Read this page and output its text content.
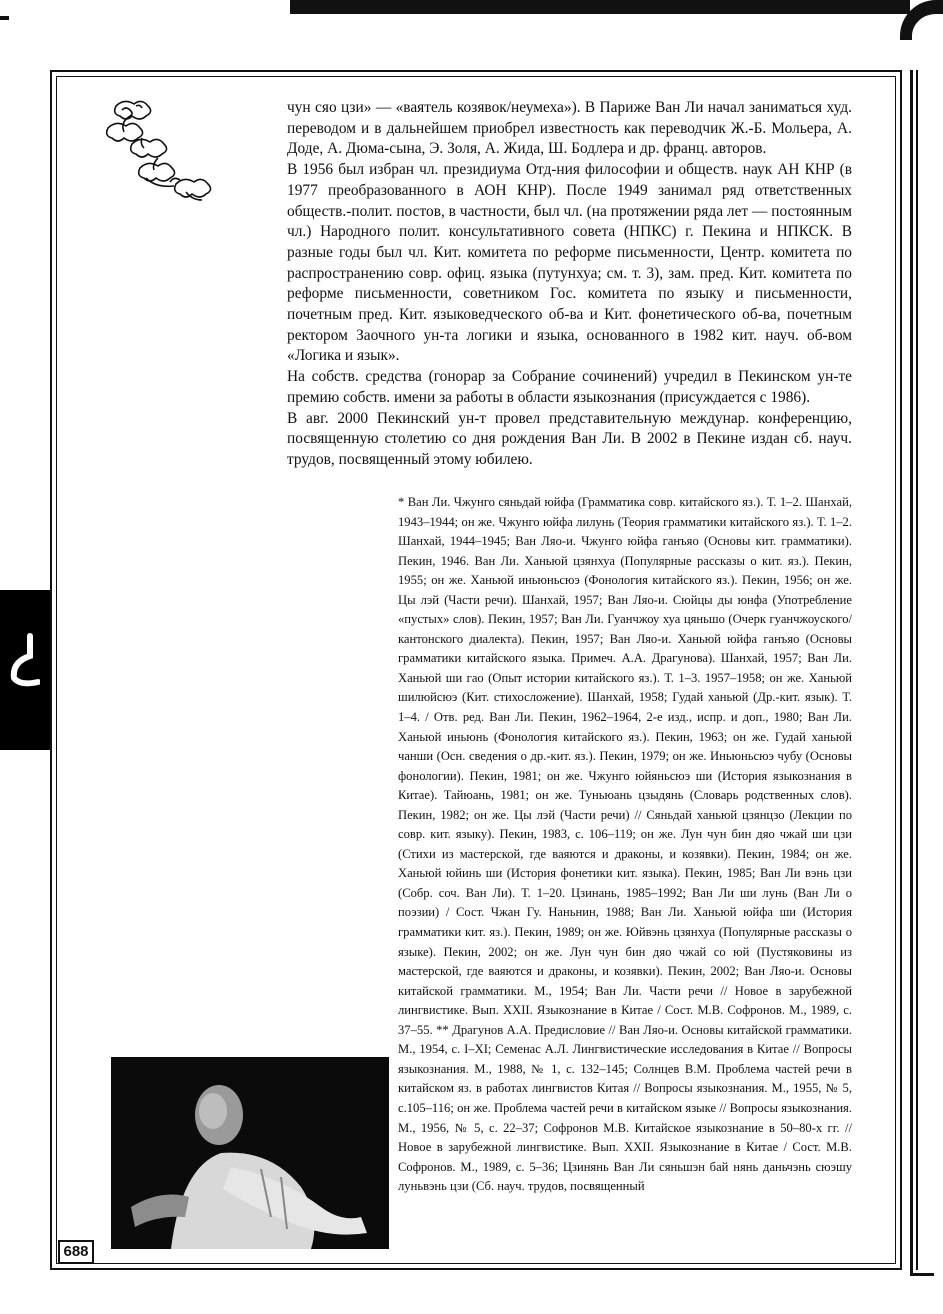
чун сяо цзи» — «ваятель козявок/неумеха»). В Париже Ван Ли начал заниматься худ. переводом и в дальнейшем приобрел известность как переводчик Ж.-Б. Мольера, А. Доде, А. Дюма-сына, Э. Золя, А. Жида, Ш. Бодлера и др. франц. авторов.

В 1956 был избран чл. президиума Отд-ния философии и обществ. наук АН КНР (в 1977 преобразованного в АОН КНР). После 1949 занимал ряд ответственных обществ.-полит. постов, в частности, был чл. (на протяжении ряда лет — постоянным чл.) Народного полит. консультативного совета (НПКС) г. Пекина и НПКСК. В разные годы был чл. Кит. комитета по реформе письменности, Центр. комитета по распространению совр. офиц. языка (путунхуа; см. т. 3), зам. пред. Кит. комитета по реформе письменности, советником Гос. комитета по языку и письменности, почетным пред. Кит. языковедческого об-ва и Кит. фонетического об-ва, почетным ректором Заочного ун-та логики и языка, основанного в 1982 кит. науч. об-вом «Логика и язык».

На собств. средства (гонорар за Собрание сочинений) учредил в Пекинском ун-те премию собств. имени за работы в области языкознания (присуждается с 1986).

В авг. 2000 Пекинский ун-т провел представительную междунар. конференцию, посвященную столетию со дня рождения Ван Ли. В 2002 в Пекине издан сб. науч. трудов, посвященный этому юбилею.

* Ван Ли. Чжунго сяньдай юйфа (Грамматика совр. китайского яз.). Т. 1–2. Шанхай, 1943–1944; он же. Чжунго юйфа лилунь (Теория грамматики китайского яз.). Т. 1–2. Шанхай, 1944–1945; Ван Ляо-и. Чжунго юйфа ганъяо (Основы кит. грамматики). Пекин, 1946. Ван Ли. Ханьюй цзянхуа (Популярные рассказы о кит. яз.). Пекин, 1955; он же. Ханьюй иньюньсюэ (Фонология китайского яз.). Пекин, 1956; он же. Цы лэй (Части речи). Шанхай, 1957; Ван Ляо-и. Сюйцы ды юнфа (Употребление «пустых» слов). Пекин, 1957; Ван Ли. Гуанчжоу хуа цяньшо (Очерк гуанчжоуского/кантонского диалекта). Пекин, 1957; Ван Ляо-и. Ханьюй юйфа ганъяо (Основы грамматики китайского языка. Примеч. А.А. Драгунова). Шанхай, 1957; Ван Ли. Ханьюй ши гао (Опыт истории китайского яз.). Т. 1–3. 1957–1958; он же. Ханьюй шилюйсюэ (Кит. стихосложение). Шанхай, 1958; Гудай ханьюй (Др.-кит. язык). Т. 1–4. / Отв. ред. Ван Ли. Пекин, 1962–1964, 2-е изд., испр. и доп., 1980; Ван Ли. Ханьюй иньюнь (Фонология китайского яз.). Пекин, 1963; он же. Гудай ханьюй чанши (Осн. сведения о др.-кит. яз.). Пекин, 1979; он же. Иньюньсюэ чубу (Основы фонологии). Пекин, 1981; он же. Чжунго юйяньсюэ ши (История языкознания в Китае). Тайюань, 1981; он же. Туньюань цзыдянь (Словарь родственных слов). Пекин, 1982; он же. Цы лэй (Части речи) // Сяньдай ханьюй цзянцзо (Лекции по совр. кит. языку). Пекин, 1983, с. 106–119; он же. Лун чун бин дяо чжай ши цзи (Стихи из мастерской, где ваяются и драконы, и козявки). Пекин, 1984; он же. Ханьюй юйинь ши (История фонетики кит. языка). Пекин, 1985; Ван Ли вэнь цзи (Собр. соч. Ван Ли). Т. 1–20. Цзинань, 1985–1992; Ван Ли ши лунь (Ван Ли о поэзии) / Сост. Чжан Гу. Наньнин, 1988; Ван Ли. Ханьюй юйфа ши (История грамматики кит. яз.). Пекин, 1989; он же. Юйвэнь цзянхуа (Популярные рассказы о языке). Пекин, 2002; он же. Лун чун бин дяо чжай со юй (Пустяковины из мастерской, где ваяются и драконы, и козявки). Пекин, 2002; Ван Ляо-и. Основы китайской грамматики. М., 1954; Ван Ли. Части речи // Новое в зарубежной лингвистике. Вып. XXII. Языкознание в Китае / Сост. М.В. Софронов. М., 1989, с. 37–55. ** Драгунов А.А. Предисловие // Ван Ляо-и. Основы китайской грамматики. М., 1954, с. I–XI; Семенас А.Л. Лингвистические исследования в Китае // Вопросы языкознания. М., 1988, № 1, с. 132–145; Солнцев В.М. Проблема частей речи в китайском яз. в работах лингвистов Китая // Вопросы языкознания. М., 1955, № 5, с.105–116; он же. Проблема частей речи в китайском языке // Вопросы языкознания. М., 1956, № 5, с. 22–37; Софронов М.В. Китайское языкознание в 50–80-х гг. // Новое в зарубежной лингвистике. Вып. XXII. Языкознание в Китае / Сост. М.В. Софронов. М., 1989, с. 5–36; Цзинянь Ван Ли сяньшэн бай нянь даньчэнь сюэшу луньвэнь цзи (Сб. науч. трудов, посвященный
688
